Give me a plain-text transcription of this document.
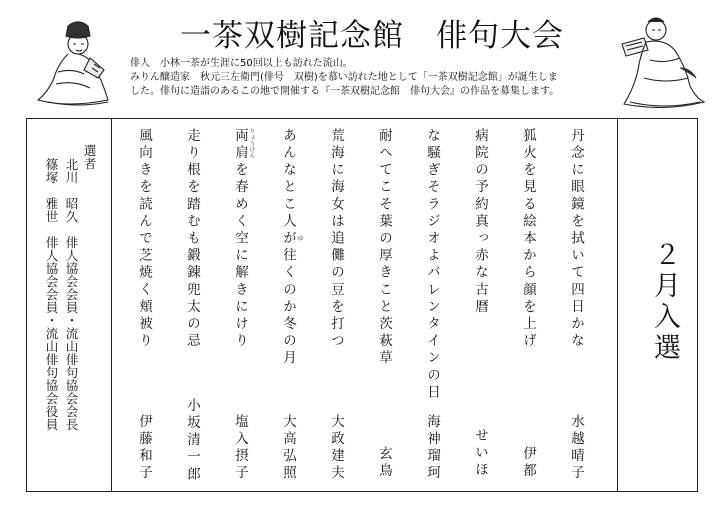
一茶双樹記念館　俳句大会
俳人　小林一茶が生涯に50回以上も訪れた流山。
みりん醸造家　秋元三左衛門(俳号　双樹)を慕い訪れた地として「一茶双樹記念館」が誕生しま
した。俳句に造詣のあるこの地で開催する『一茶双樹記念館　俳句大会』の作品を募集します。
２月入選
丹念に眼鏡を拭いて四日かな
狐火を見る絵本から顔を上げ
病院の予約真っ赤な古暦
な騒ぎそラジオよバレンタインの日
耐へてこそ葉の厚きこと茨萩草
荒海に海女は追儺の豆を打つ
あんなとこ人が往くのか冬の月
両肩を春めく空に解きにけり
走り根を踏むも鍛錬兜太の忌
風向きを読んで芝焼く頬被り	ゆ
りょうけん
水越晴子
伊都
せいほ
海神瑠珂
玄鳥
大政建夫
大高弘照
塩入摂子
小坂清一郎
伊藤和子
選者
北川　昭久　俳人協会会員・流山俳句協会会長
篠塚　雅世　俳人協会会員・流山俳句協会役員
